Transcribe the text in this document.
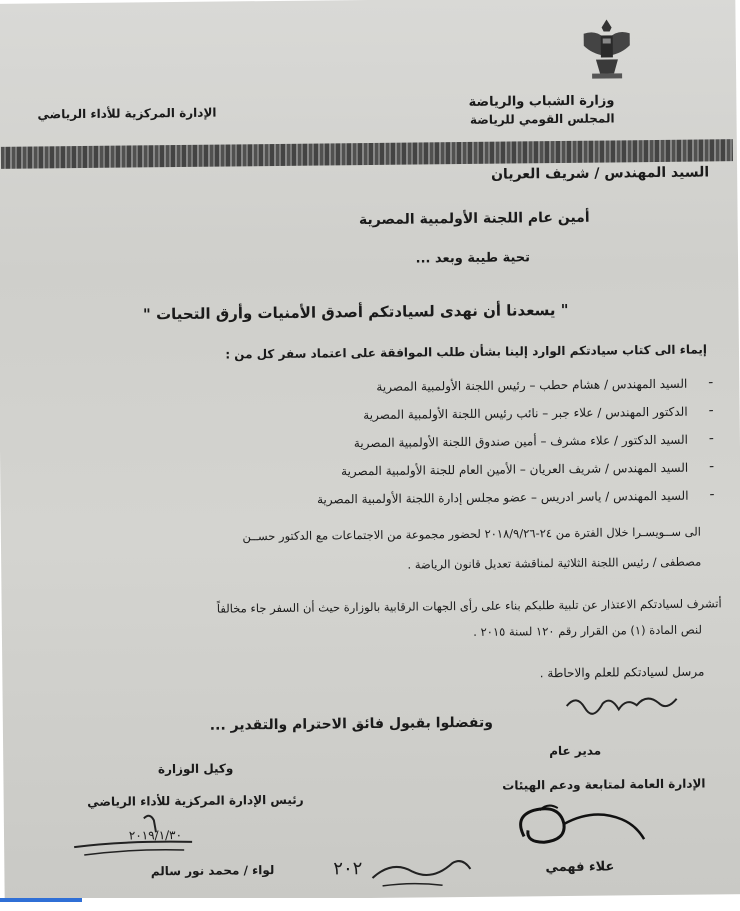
وزارة الشباب والرياضة
المجلس القومي للرياضة
الإدارة المركزية للأداء الرياضي
السيد المهندس / شريف العريان
أمين عام اللجنة الأولمبية المصرية
تحية طيبة وبعد ...
" يسعدنا أن نهدى لسيادتكم أصدق الأمنيات وأرق التحيات "
إيماء الى كتاب سيادتكم الوارد إلينا بشأن طلب الموافقة على اعتماد سفر كل من :
-
السيد المهندس / هشام حطب – رئيس اللجنة الأولمبية المصرية
-
الدكتور المهندس / علاء جبر – نائب رئيس اللجنة الأولمبية المصرية
-
السيد الدكتور / علاء مشرف – أمين صندوق اللجنة الأولمبية المصرية
-
السيد المهندس / شريف العريان – الأمين العام للجنة الأولمبية المصرية
-
السيد المهندس / ياسر ادريس – عضو مجلس إدارة اللجنة الأولمبية المصرية
الى ســويسـرا خلال الفترة من ٢٤-٢٠١٨/٩/٢٦ لحضور مجموعة من الاجتماعات مع الدكتور حســن
مصطفى / رئيس اللجنة الثلاثية لمناقشة تعديل قانون الرياضة .
أتشرف لسيادتكم الاعتذار عن تلبية طلبكم بناء على رأى الجهات الرقابية بالوزارة حيث أن السفر جاء مخالفاً
لنص المادة (١) من القرار رقم ١٢٠ لسنة ٢٠١٥ .
مرسل لسيادتكم للعلم والاحاطة .
وتفضلوا بقبول فائق الاحترام والتقدير ...
وكيل الوزارة
رئيس الإدارة المركزية للأداء الرياضي
مدير عام
الإدارة العامة لمتابعة ودعم الهيئات
٢٠١٩/١/٣٠
لواء / محمد نور سالم	٢٠٢	علاء فهمي
